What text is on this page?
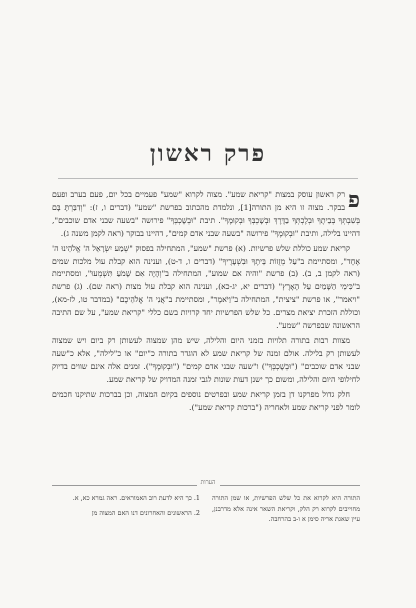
פרק ראשון

פ
רק ראשון עוסק במצות "קריאת שמע". מצוה לקרוא "שמע" פעמיים בכל יום, פעם בערב ופעם בבקר. מצוה זו היא מן התורה[1], ונלמדת מהכתוב בפרשת "שמע" (דברים ו, ז): "וְדִבַּרְתָּ בָּם בְּשִׁבְתְּךָ בְּבֵיתֶךָ וּבְלֶכְתְּךָ בַדֶּרֶךְ וּבְשָׁכְבְּךָ וּבְקוּמֶךָ". תיבת "וּבְשָׁכְבְּךָ" פירושה "בשעה שבני אדם שוכבים", דהיינו בלילה, ותיבת "וּבְקוּמֶךָ" פירושה "בשעה שבני אדם קמים", דהיינו בבוקר (ראה לקמן משנה ג).

קריאת שמע כוללת שלש פרשיות. (א) פרשת "שמע", המתחילה בפסוק "שְׁמַע יִשְׂרָאֵל ה' אֱלֹהֵינוּ ה' אֶחָד", ומסתיימת ב"עַל מְזֻזוֹת בֵּיתֶךָ וּבִשְׁעָרֶיךָ" (דברים ו, ד-ט), וענינה הוא קבלת עול מלכות שמים (ראה לקמן ב, ב). (ב) פרשת "והיה אם שמוע", המתחילה ב"וְהָיָה אִם שָׁמֹעַ תִּשְׁמְעוּ", ומסתיימת ב"כִּימֵי הַשָּׁמַיִם עַל הָאָרֶץ" (דברים יא, יג-כא), וענינה הוא קבלת עול מצות (ראה שם). (ג) פרשת "ויאמר", או פרשת "ציצית", המתחילה ב"וַיֹּאמֶר", ומסתיימת ב"אֲנִי ה' אֱלֹהֵיכֶם" (במדבר טו, לז-מא), וכוללת הזכרת יציאת מצרים. כל שלש הפרשיות יחד קרויות בשם כללי "קריאת שמע", על שם התיבה הראשונה שבפרשה "שמע".

מצוות רבות בתורה תלויות בזמני היום והלילה, שיש מהן שמצוה לעשותן רק ביום ויש שמצוה לעשותן רק בלילה. אולם זמנה של קריאת שמע לא הוגדר בתורה כ"יום" או כ"לילה", אלא כ"שעה שבני אדם שוכבים" ("וּבְשָׁכְבְּךָ") ו"שעה שבני אדם קמים" ("וּבְקוּמֶךָ"). זמנים אלה אינם שווים בדיוק לחילופי היום והלילה, ומשום כך ישנן דעות שונות לגבי זמנה המדויק של קריאת שמע.

חלק גדול מפרקנו דן בזמן קריאת שמע ובפרטים נוספים בקיום המצוה, וכן בברכות שתיקנו חכמים לומר לפני קריאת שמע ולאחריה ("ברכות קריאת שמע").

הערות

1. כך היא לדעת רוב האמוראים. ראה גמרא כא, א.

2. הראשונים והאחרונים דנו האם המצוה מן

התורה היא לקרוא את כל שלש הפרשיות, או שמן התורה מחוייבים לקרוא רק הלק, וקריאת השאר אינה אלא מדרבנן, עיין שאגת אריה סימן א ו-ב בהרחבה.
